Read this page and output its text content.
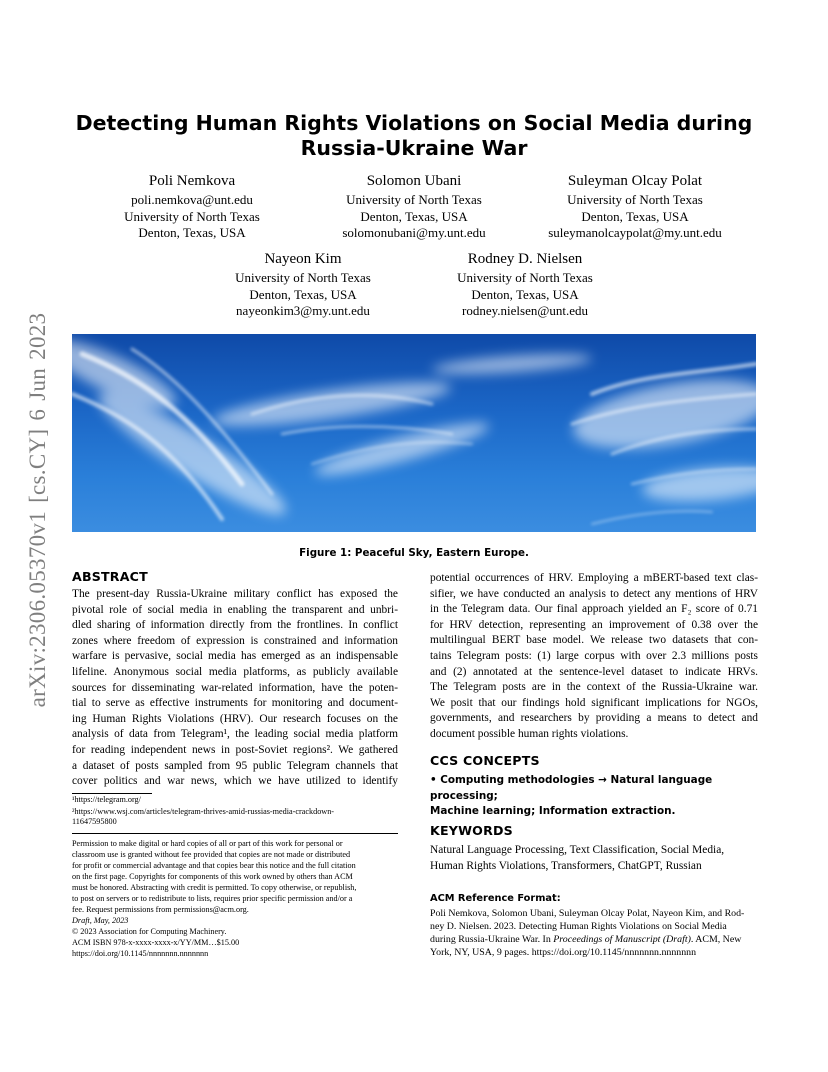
arXiv:2306.05370v1 [cs.CY] 6 Jun 2023
Detecting Human Rights Violations on Social Media during
Russia-Ukraine War
Poli Nemkova
poli.nemkova@unt.edu
University of North Texas
Denton, Texas, USA
Solomon Ubani
University of North Texas
Denton, Texas, USA
solomonubani@my.unt.edu
Suleyman Olcay Polat
University of North Texas
Denton, Texas, USA
suleymanolcaypolat@my.unt.edu
Nayeon Kim
University of North Texas
Denton, Texas, USA
nayeonkim3@my.unt.edu
Rodney D. Nielsen
University of North Texas
Denton, Texas, USA
rodney.nielsen@unt.edu
Figure 1: Peaceful Sky, Eastern Europe.
ABSTRACT
The present-day Russia-Ukraine military conflict has exposed the
pivotal role of social media in enabling the transparent and unbri-
dled sharing of information directly from the frontlines. In conflict
zones where freedom of expression is constrained and information
warfare is pervasive, social media has emerged as an indispensable
lifeline. Anonymous social media platforms, as publicly available
sources for disseminating war-related information, have the poten-
tial to serve as effective instruments for monitoring and document-
ing Human Rights Violations (HRV). Our research focuses on the
analysis of data from Telegram¹, the leading social media platform
for reading independent news in post-Soviet regions². We gathered
a dataset of posts sampled from 95 public Telegram channels that
cover politics and war news, which we have utilized to identify
¹https://telegram.org/
²https://www.wsj.com/articles/telegram-thrives-amid-russias-media-crackdown-
11647595800
Permission to make digital or hard copies of all or part of this work for personal or
classroom use is granted without fee provided that copies are not made or distributed
for profit or commercial advantage and that copies bear this notice and the full citation
on the first page. Copyrights for components of this work owned by others than ACM
must be honored. Abstracting with credit is permitted. To copy otherwise, or republish,
to post on servers or to redistribute to lists, requires prior specific permission and/or a
fee. Request permissions from permissions@acm.org.
Draft, May, 2023
© 2023 Association for Computing Machinery.
ACM ISBN 978-x-xxxx-xxxx-x/YY/MM…$15.00
https://doi.org/10.1145/nnnnnnn.nnnnnnn
potential occurrences of HRV. Employing a mBERT-based text clas-
sifier, we have conducted an analysis to detect any mentions of HRV
in the Telegram data. Our final approach yielded an F₂ score of 0.71
for HRV detection, representing an improvement of 0.38 over the
multilingual BERT base model. We release two datasets that con-
tains Telegram posts: (1) large corpus with over 2.3 millions posts
and (2) annotated at the sentence-level dataset to indicate HRVs.
The Telegram posts are in the context of the Russia-Ukraine war.
We posit that our findings hold significant implications for NGOs,
governments, and researchers by providing a means to detect and
document possible human rights violations.
CCS CONCEPTS
• Computing methodologies → Natural language processing;
Machine learning; Information extraction.
KEYWORDS
Natural Language Processing, Text Classification, Social Media,
Human Rights Violations, Transformers, ChatGPT, Russian
ACM Reference Format:
Poli Nemkova, Solomon Ubani, Suleyman Olcay Polat, Nayeon Kim, and Rod-
ney D. Nielsen. 2023. Detecting Human Rights Violations on Social Media
during Russia-Ukraine War. In Proceedings of Manuscript (Draft). ACM, New
York, NY, USA, 9 pages. https://doi.org/10.1145/nnnnnnn.nnnnnnn
